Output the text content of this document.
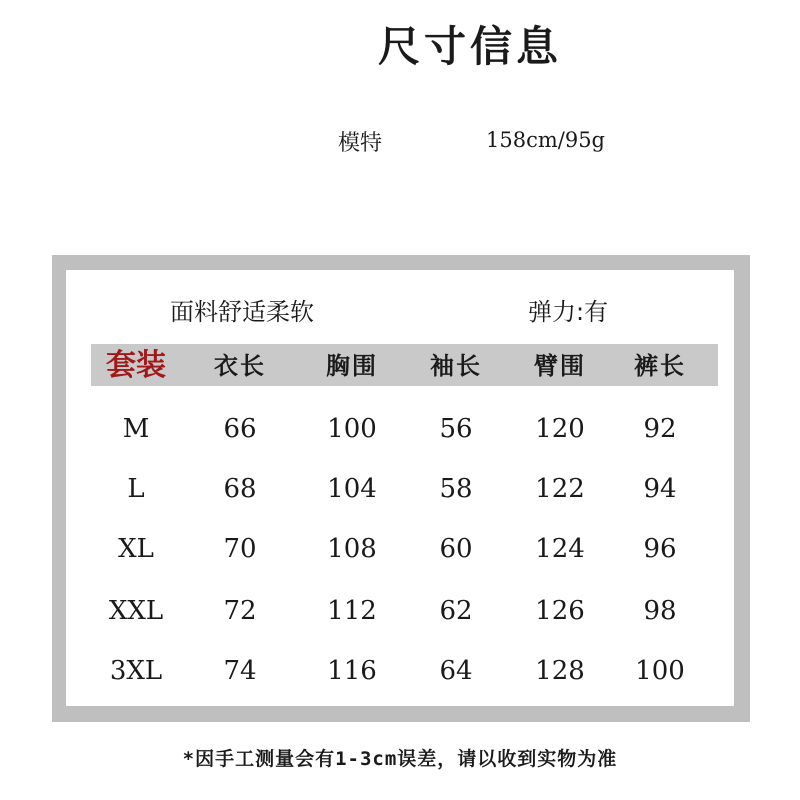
尺寸信息
模特	158cm/95g
面料舒适柔软	弹力:有
套装	衣长	胸围	袖长	臂围	裤长
M	66	100	56	120	92
L	68	104	58	122	94
XL	70	108	60	124	96
XXL	72	112	62	126	98
3XL	74	116	64	128	100
*因手工测量会有1-3cm误差，请以收到实物为准
